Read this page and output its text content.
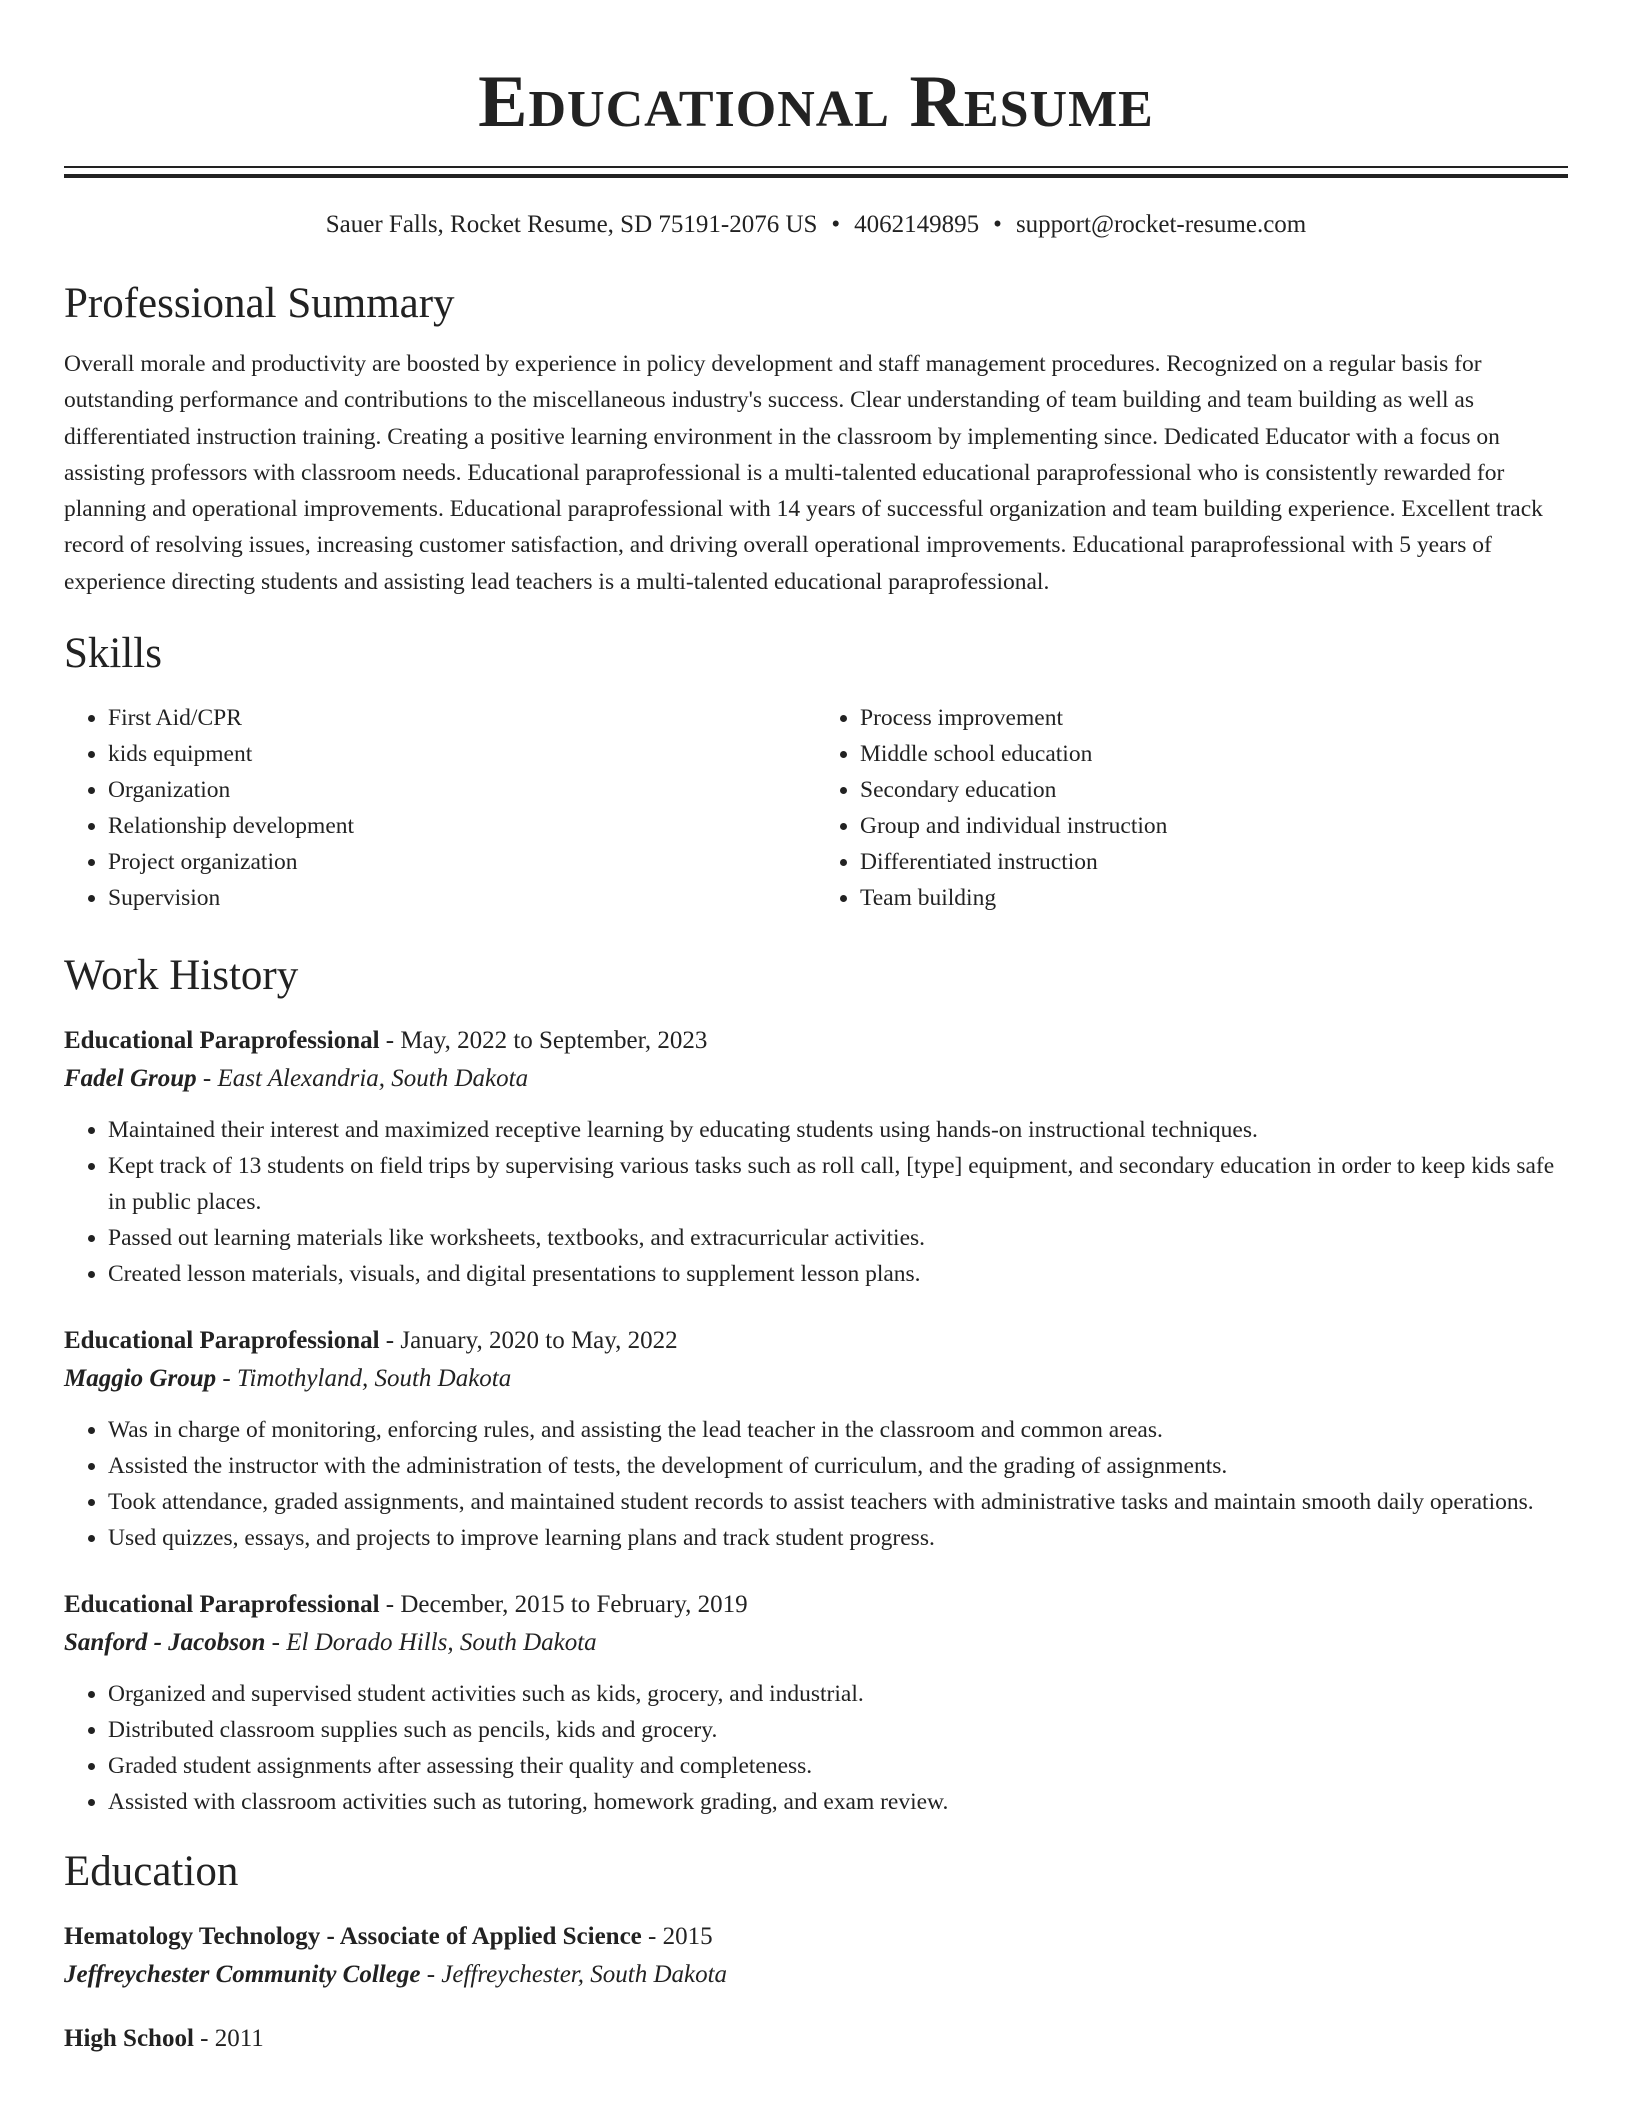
Educational Resume
Sauer Falls, Rocket Resume, SD 75191-2076 US • 4062149895 • support@rocket-resume.com
Professional Summary

Overall morale and productivity are boosted by experience in policy development and staff management procedures. Recognized on a regular basis for outstanding performance and contributions to the miscellaneous industry's success. Clear understanding of team building and team building as well as differentiated instruction training. Creating a positive learning environment in the classroom by implementing since. Dedicated Educator with a focus on assisting professors with classroom needs. Educational paraprofessional is a multi-talented educational paraprofessional who is consistently rewarded for planning and operational improvements. Educational paraprofessional with 14 years of successful organization and team building experience. Excellent track record of resolving issues, increasing customer satisfaction, and driving overall operational improvements. Educational paraprofessional with 5 years of experience directing students and assisting lead teachers is a multi-talented educational paraprofessional.

Skills
• First Aid/CPR
• kids equipment
• Organization
• Relationship development
• Project organization
• Supervision
• Process improvement
• Middle school education
• Secondary education
• Group and individual instruction
• Differentiated instruction
• Team building
Work History
Educational Paraprofessional - May, 2022 to September, 2023
Fadel Group - East Alexandria, South Dakota
• Maintained their interest and maximized receptive learning by educating students using hands-on instructional techniques.
• Kept track of 13 students on field trips by supervising various tasks such as roll call, [type] equipment, and secondary education in order to keep kids safe in public places.
• Passed out learning materials like worksheets, textbooks, and extracurricular activities.
• Created lesson materials, visuals, and digital presentations to supplement lesson plans.
Educational Paraprofessional - January, 2020 to May, 2022
Maggio Group - Timothyland, South Dakota
• Was in charge of monitoring, enforcing rules, and assisting the lead teacher in the classroom and common areas.
• Assisted the instructor with the administration of tests, the development of curriculum, and the grading of assignments.
• Took attendance, graded assignments, and maintained student records to assist teachers with administrative tasks and maintain smooth daily operations.
• Used quizzes, essays, and projects to improve learning plans and track student progress.
Educational Paraprofessional - December, 2015 to February, 2019
Sanford - Jacobson - El Dorado Hills, South Dakota
• Organized and supervised student activities such as kids, grocery, and industrial.
• Distributed classroom supplies such as pencils, kids and grocery.
• Graded student assignments after assessing their quality and completeness.
• Assisted with classroom activities such as tutoring, homework grading, and exam review.
Education
Hematology Technology - Associate of Applied Science - 2015
Jeffreychester Community College - Jeffreychester, South Dakota
High School - 2011
